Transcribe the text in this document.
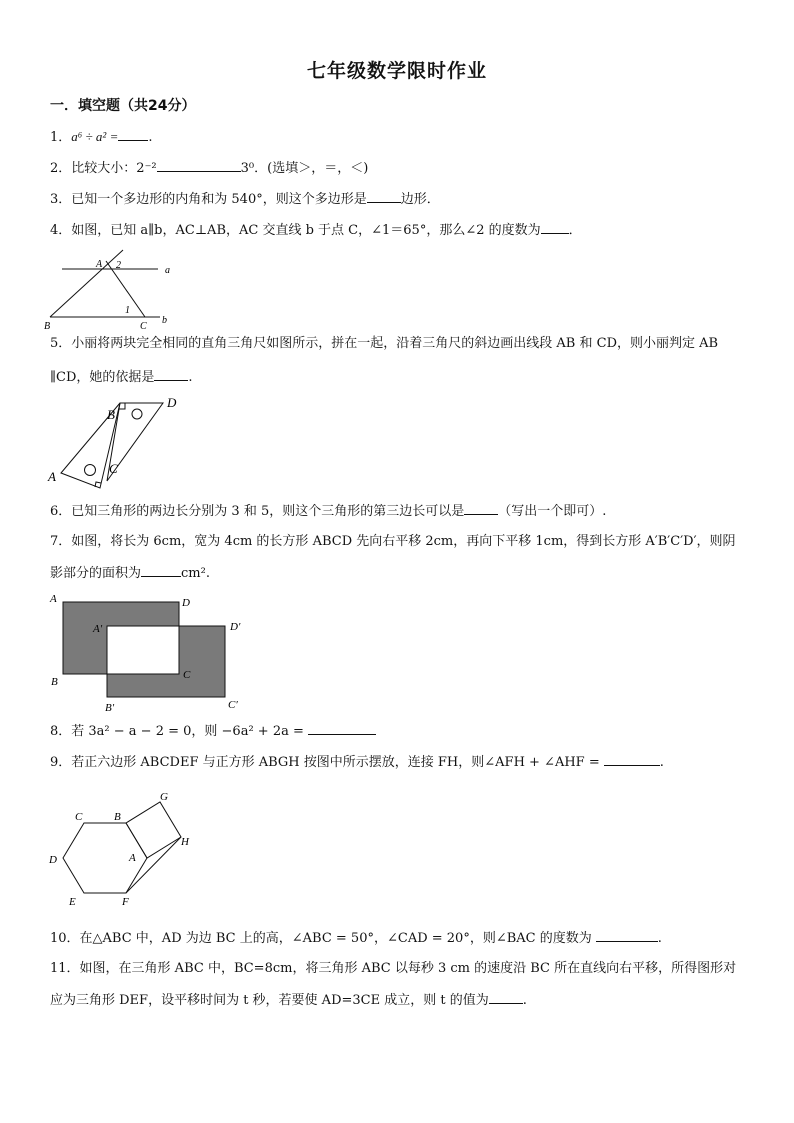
七年级数学限时作业
一．填空题（共24分）
1．a⁶ ÷ a² = .
2．比较大小：2⁻²	3⁰．(选填＞，＝，＜)
3．已知一个多边形的内角和为 540°，则这个多边形是	边形．
4．如图，已知 a∥b，AC⊥AB，AC 交直线 b 于点 C，∠1＝65°，那么∠2 的度数为 ．
A 2	a
1
B	C
b
5．小丽将两块完全相同的直角三角尺如图所示，拼在一起，沿着三角尺的斜边画出线段 AB 和 CD，则小丽判定 AB
∥CD，她的依据是	.
B
D
A
C
6．已知三角形的两边长分别为 3 和 5，则这个三角形的第三边长可以是	（写出一个即可）.
7．如图，将长为 6cm，宽为 4cm 的长方形 ABCD 先向右平移 2cm，再向下平移 1cm，得到长方形 A′B′C′D′，则阴
影部分的面积为	cm².
A	D
A′	D′
B
C
B′	C′
8．若 3a² − a − 2 = 0，则 −6a² + 2a =
9．若正六边形 ABCDEF 与正方形 ABGH 按图中所示摆放，连接 FH，则∠AFH + ∠AHF =	.
G
C	B
H
D	A
E	F
10．在△ABC 中，AD 为边 BC 上的高，∠ABC = 50°，∠CAD = 20°，则∠BAC 的度数为	.
11．如图，在三角形 ABC 中，BC=8cm，将三角形 ABC 以每秒 3 cm 的速度沿 BC 所在直线向右平移，所得图形对
应为三角形 DEF，设平移时间为 t 秒，若要使 AD=3CE 成立，则 t 的值为	.
